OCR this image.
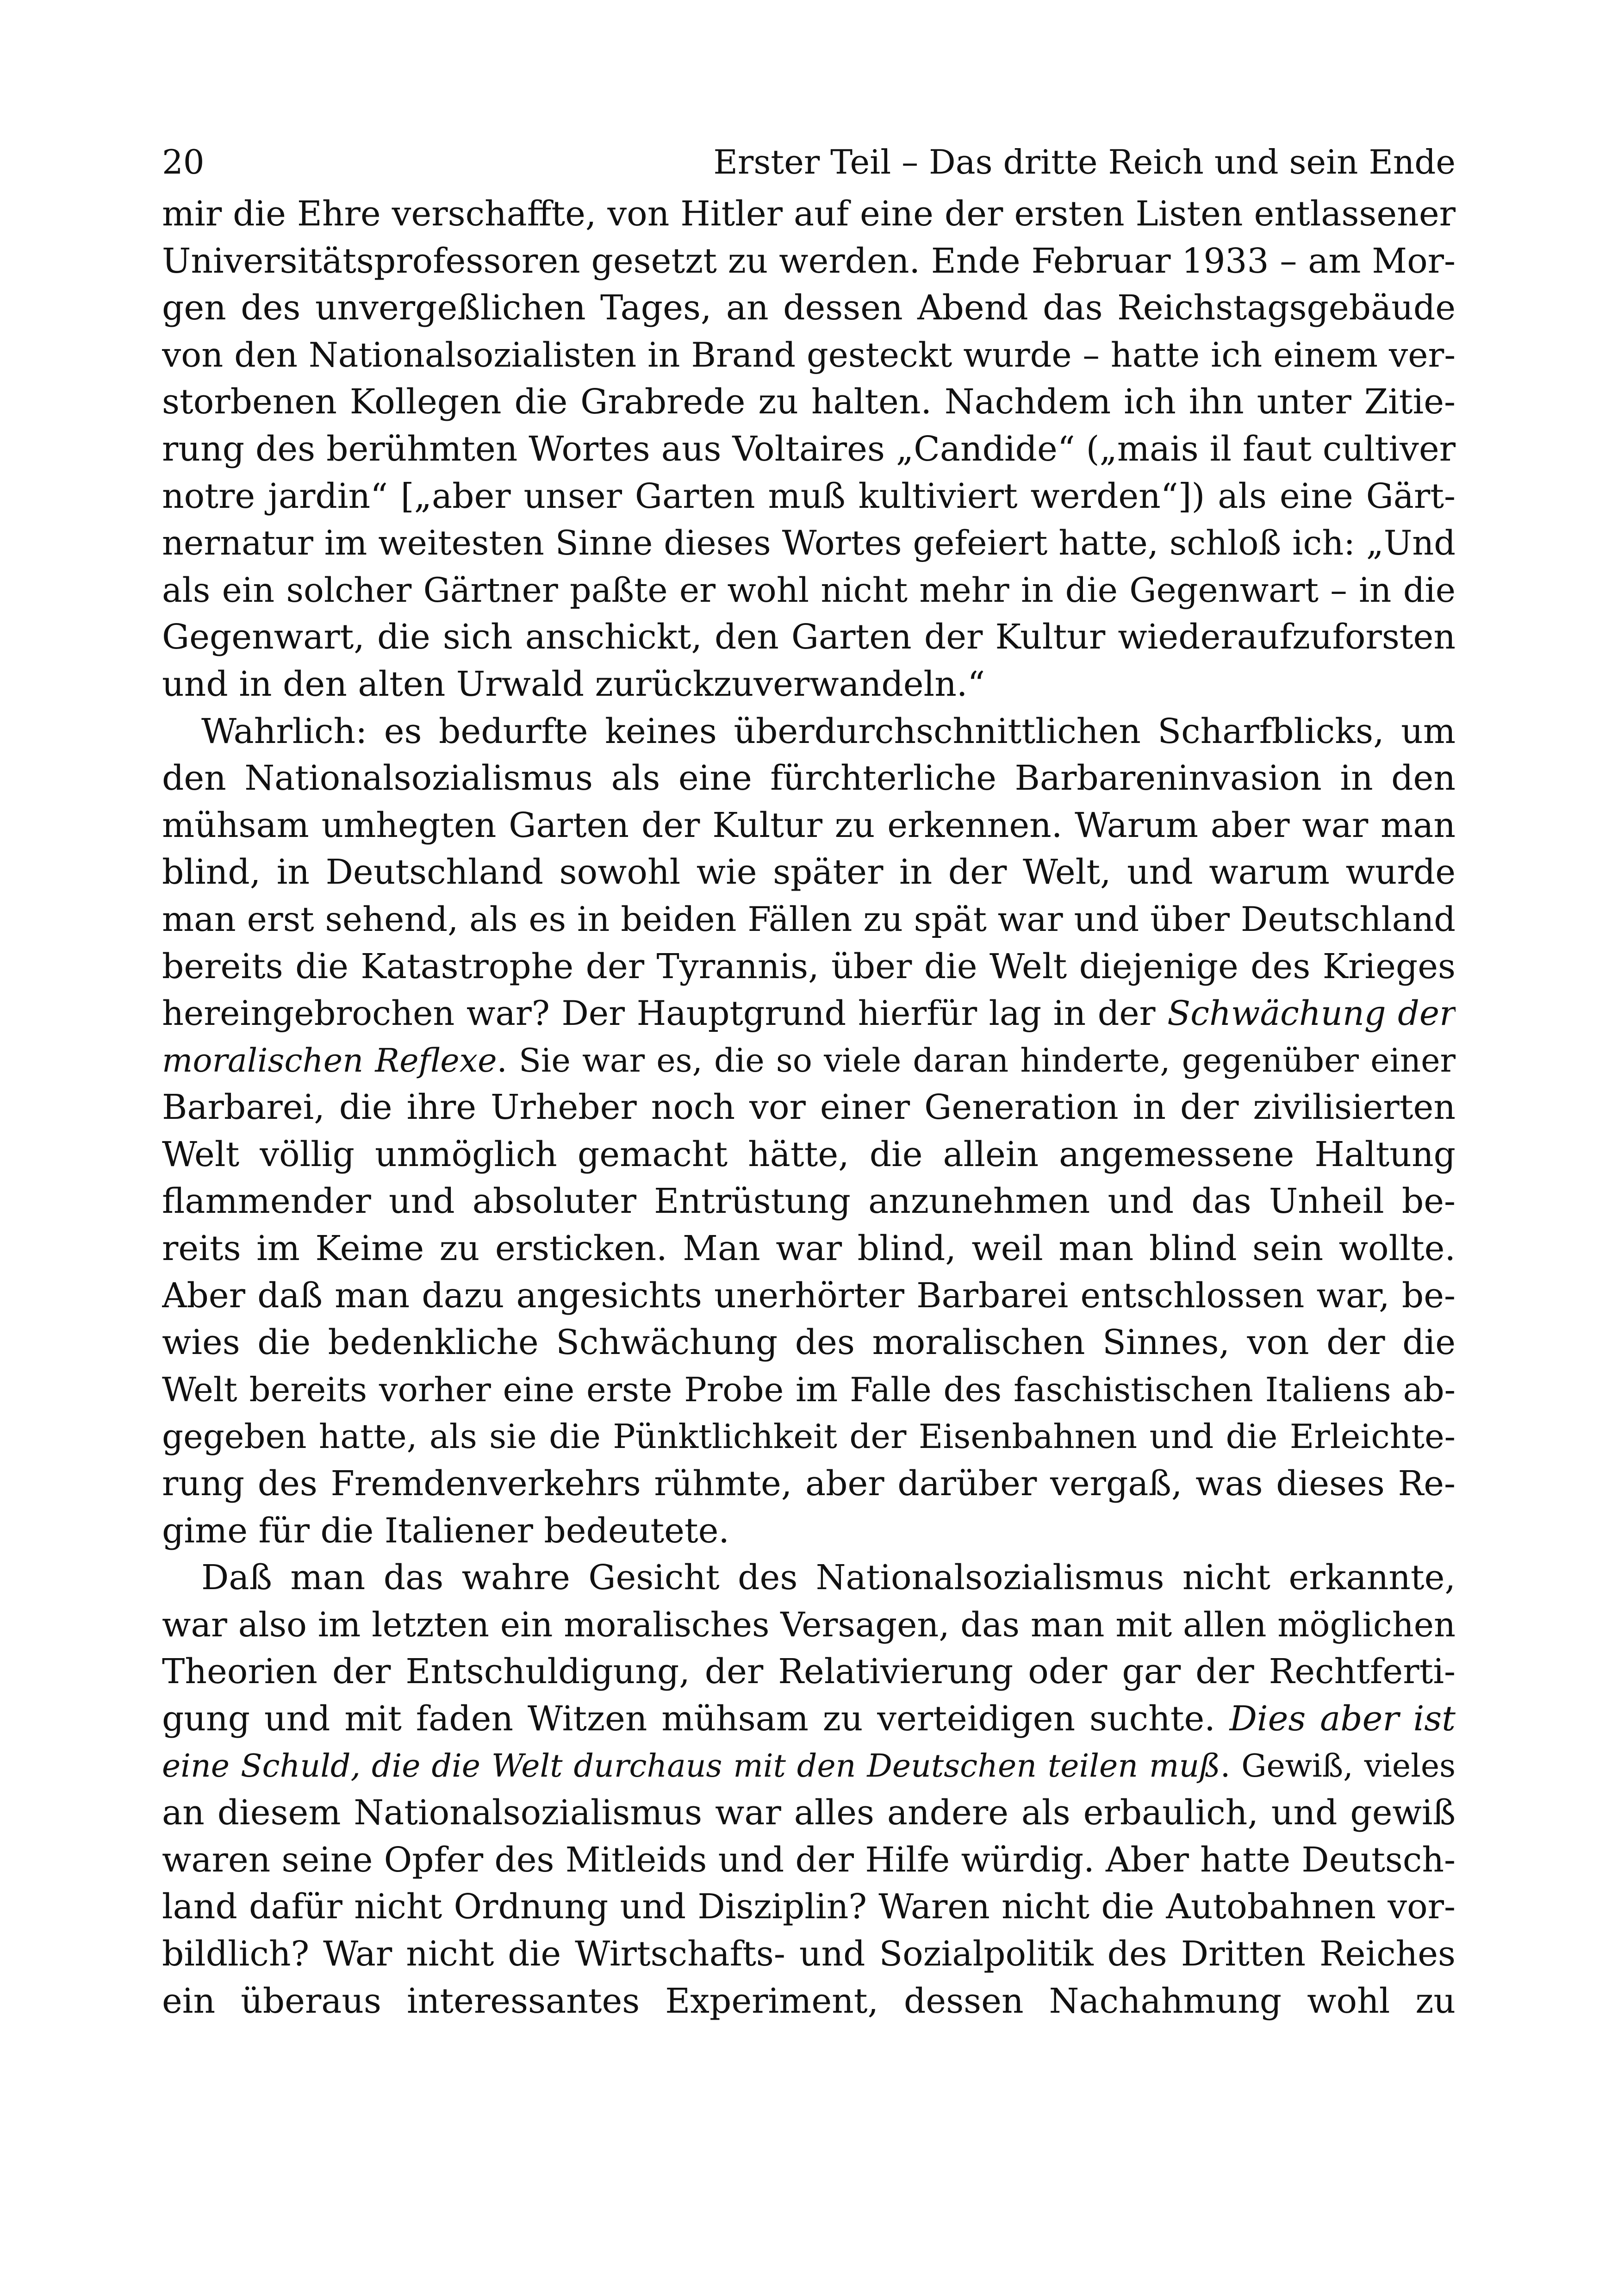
20	Erster Teil – Das dritte Reich und sein Ende
mir die Ehre verschaffte, von Hitler auf eine der ersten Listen entlassener
Universitätsprofessoren gesetzt zu werden. Ende Februar 1933 – am Mor-
gen des unvergeßlichen Tages, an dessen Abend das Reichstagsgebäude
von den Nationalsozialisten in Brand gesteckt wurde – hatte ich einem ver-
storbenen Kollegen die Grabrede zu halten. Nachdem ich ihn unter Zitie-
rung des berühmten Wortes aus Voltaires „Candide“ („mais il faut cultiver
notre jardin“ [„aber unser Garten muß kultiviert werden“]) als eine Gärt-
nernatur im weitesten Sinne dieses Wortes gefeiert hatte, schloß ich: „Und
als ein solcher Gärtner paßte er wohl nicht mehr in die Gegenwart – in die
Gegenwart, die sich anschickt, den Garten der Kultur wiederaufzuforsten
und in den alten Urwald zurückzuverwandeln.“
Wahrlich: es bedurfte keines überdurchschnittlichen Scharfblicks, um
den Nationalsozialismus als eine fürchterliche Barbareninvasion in den
mühsam umhegten Garten der Kultur zu erkennen. Warum aber war man
blind, in Deutschland sowohl wie später in der Welt, und warum wurde
man erst sehend, als es in beiden Fällen zu spät war und über Deutschland
bereits die Katastrophe der Tyrannis, über die Welt diejenige des Krieges
hereingebrochen war? Der Hauptgrund hierfür lag in der Schwächung der
moralischen Reflexe. Sie war es, die so viele daran hinderte, gegenüber einer
Barbarei, die ihre Urheber noch vor einer Generation in der zivilisierten
Welt völlig unmöglich gemacht hätte, die allein angemessene Haltung
flammender und absoluter Entrüstung anzunehmen und das Unheil be-
reits im Keime zu ersticken. Man war blind, weil man blind sein wollte.
Aber daß man dazu angesichts unerhörter Barbarei entschlossen war, be-
wies die bedenkliche Schwächung des moralischen Sinnes, von der die
Welt bereits vorher eine erste Probe im Falle des faschistischen Italiens ab-
gegeben hatte, als sie die Pünktlichkeit der Eisenbahnen und die Erleichte-
rung des Fremdenverkehrs rühmte, aber darüber vergaß, was dieses Re-
gime für die Italiener bedeutete.
Daß man das wahre Gesicht des Nationalsozialismus nicht erkannte,
war also im letzten ein moralisches Versagen, das man mit allen möglichen
Theorien der Entschuldigung, der Relativierung oder gar der Rechtferti-
gung und mit faden Witzen mühsam zu verteidigen suchte. Dies aber ist
eine Schuld, die die Welt durchaus mit den Deutschen teilen muß. Gewiß, vieles
an diesem Nationalsozialismus war alles andere als erbaulich, und gewiß
waren seine Opfer des Mitleids und der Hilfe würdig. Aber hatte Deutsch-
land dafür nicht Ordnung und Disziplin? Waren nicht die Autobahnen vor-
bildlich? War nicht die Wirtschafts- und Sozialpolitik des Dritten Reiches
ein überaus interessantes Experiment, dessen Nachahmung wohl zu
